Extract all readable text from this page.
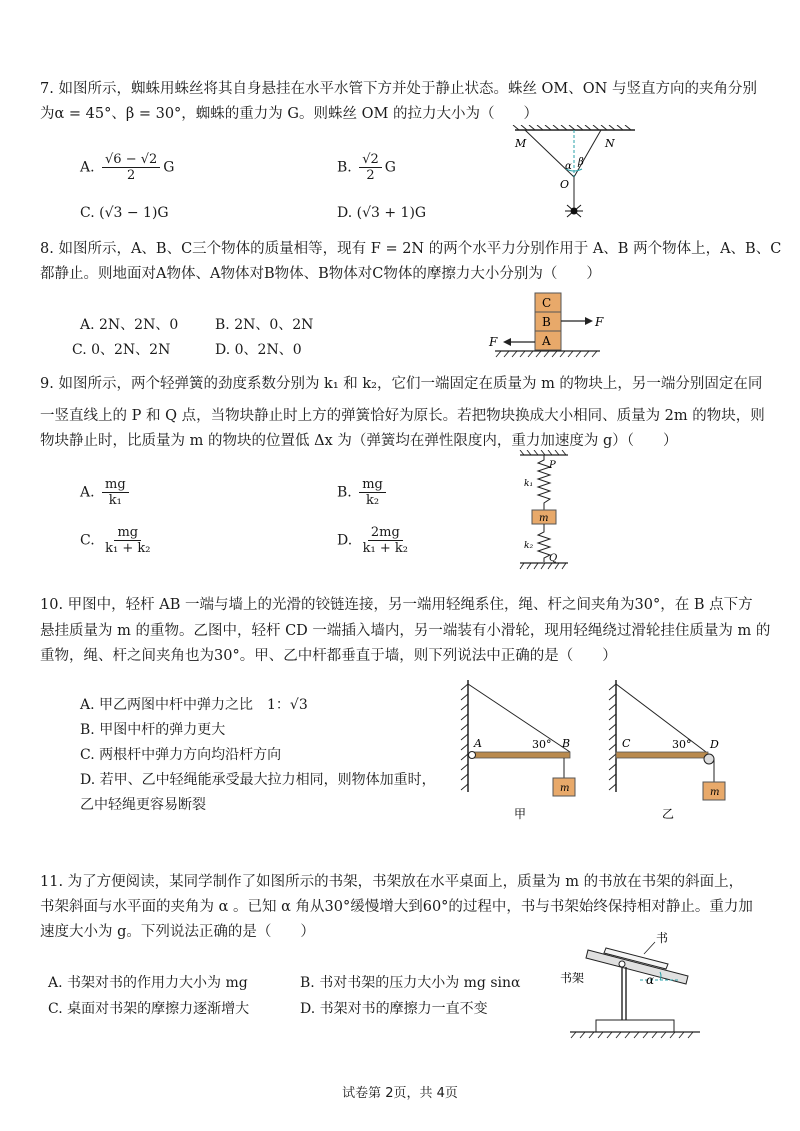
7. 如图所示，蜘蛛用蛛丝将其自身悬挂在水平水管下方并处于静止状态。蛛丝 OM、ON 与竖直方向的夹角分别
为α = 45°、β = 30°，蜘蛛的重力为 G。则蛛丝 OM 的拉力大小为（　　）
A. $\frac{√6 - √2}{2}$ G	B. $\frac{√2}{2}$ G
C. (√3 − 1)G	D. (√3 + 1)G
M	N
O
α β
8. 如图所示，A、B、C三个物体的质量相等，现有 F = 2N 的两个水平力分别作用于 A、B 两个物体上，A、B、C
都静止。则地面对A物体、A物体对B物体、B物体对C物体的摩擦力大小分别为（　　）
A. 2N、2N、0	B. 2N、0、2N
C. 0、2N、2N	D. 0、2N、0
C
B
A
F
F
9. 如图所示，两个轻弹簧的劲度系数分别为 k₁ 和 k₂，它们一端固定在质量为 m 的物块上，另一端分别固定在同
一竖直线上的 P 和 Q 点，当物块静止时上方的弹簧恰好为原长。若把物块换成大小相同、质量为 2m 的物块，则
物块静止时，比质量为 m 的物块的位置低 Δx 为（弹簧均在弹性限度内，重力加速度为 g）（　　）
A. $\frac{mg}{\text{k₁}}$	B. $\frac{mg}{\text{k₂}}$
C. $\frac{mg}{\text{k₁ + k₂}}$	D. $\frac{2mg}{\text{k₁ + k₂}}$
P
k₁
m
k₂
Q
10. 甲图中，轻杆 AB 一端与墙上的光滑的铰链连接，另一端用轻绳系住，绳、杆之间夹角为30°，在 B 点下方
悬挂质量为 m 的重物。乙图中，轻杆 CD 一端插入墙内，另一端装有小滑轮，现用轻绳绕过滑轮挂住质量为 m 的
重物，绳、杆之间夹角也为30°。甲、乙中杆都垂直于墙，则下列说法中正确的是（　　）
A. 甲乙两图中杆中弹力之比　1：√3
B. 甲图中杆的弹力更大
C. 两根杆中弹力方向均沿杆方向
D. 若甲、乙中轻绳能承受最大拉力相同，则物体加重时，
乙中轻绳更容易断裂
m
A	B
30°
甲
m
C	D
30°
乙
11. 为了方便阅读，某同学制作了如图所示的书架，书架放在水平桌面上，质量为 m 的书放在书架的斜面上，
书架斜面与水平面的夹角为 α 。已知 α 角从30°缓慢增大到60°的过程中，书与书架始终保持相对静止。重力加
速度大小为 g。下列说法正确的是（　　）
A. 书架对书的作用力大小为 mg	B. 书对书架的压力大小为 mg sinα
C. 桌面对书架的摩擦力逐渐增大	D. 书架对书的摩擦力一直不变
α
书
书架
试卷第 2页，共 4页
